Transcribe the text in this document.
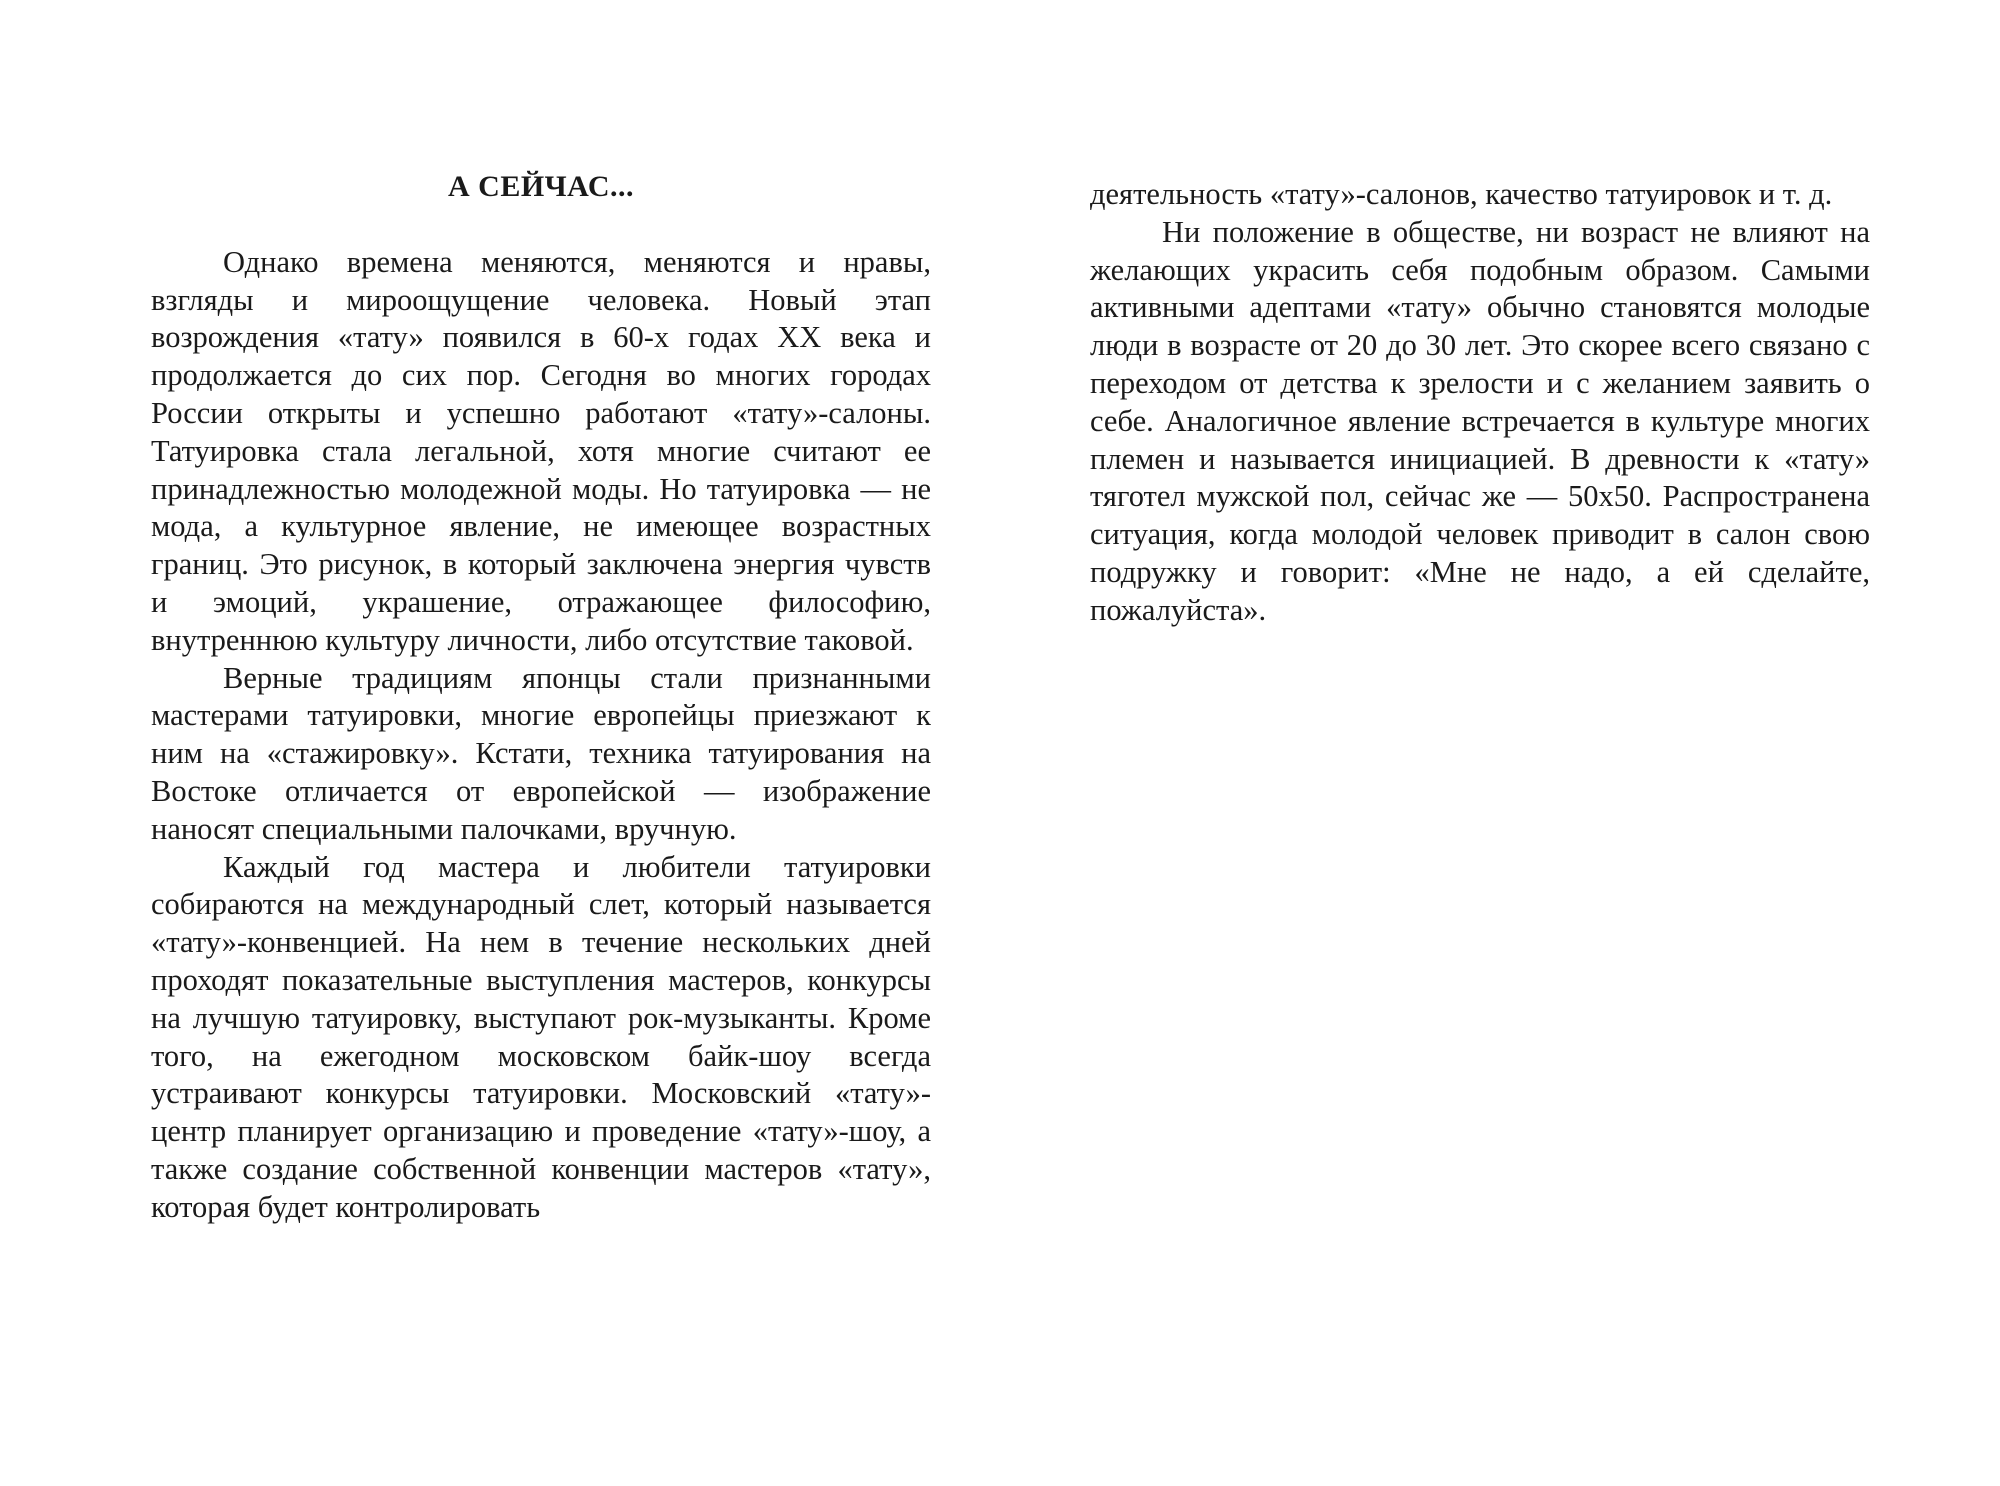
А СЕЙЧАС...

Однако времена меняются, меняются и нравы, взгляды и мироощущение человека. Новый этап возрождения «тату» появился в 60-х годах XX века и продолжается до сих пор. Сегодня во многих городах России открыты и успешно работают «тату»-салоны. Татуировка стала легальной, хотя многие считают ее принадлежностью молодежной моды. Но татуировка — не мода, а культурное явление, не имеющее возрастных границ. Это рисунок, в который заключена энергия чувств и эмоций, украшение, отражающее философию, внутреннюю культуру личности, либо отсутствие таковой.

Верные традициям японцы стали признанными мастерами татуировки, многие европейцы приезжают к ним на «стажировку». Кстати, техника татуирования на Востоке отличается от европейской — изображение наносят специальными палочками, вручную.

Каждый год мастера и любители татуировки собираются на международный слет, который называется «тату»-конвенцией. На нем в течение нескольких дней проходят показательные выступления мастеров, конкурсы на лучшую татуировку, выступают рок-музыканты. Кроме того, на ежегодном московском байк-шоу всегда устраивают конкурсы татуировки. Московский «тату»-центр планирует организацию и проведение «тату»-шоу, а также создание собственной конвенции мастеров «тату», которая будет контролировать

деятельность «тату»-салонов, качество татуировок и т. д.

Ни положение в обществе, ни возраст не влияют на желающих украсить себя подобным образом. Самыми активными адептами «тату» обычно становятся молодые люди в возрасте от 20 до 30 лет. Это скорее всего связано с переходом от детства к зрелости и с желанием заявить о себе. Аналогичное явление встречается в культуре многих племен и называется инициацией. В древности к «тату» тяготел мужской пол, сейчас же — 50x50. Распространена ситуация, когда молодой человек приводит в салон свою подружку и говорит: «Мне не надо, а ей сделайте, пожалуйста».
